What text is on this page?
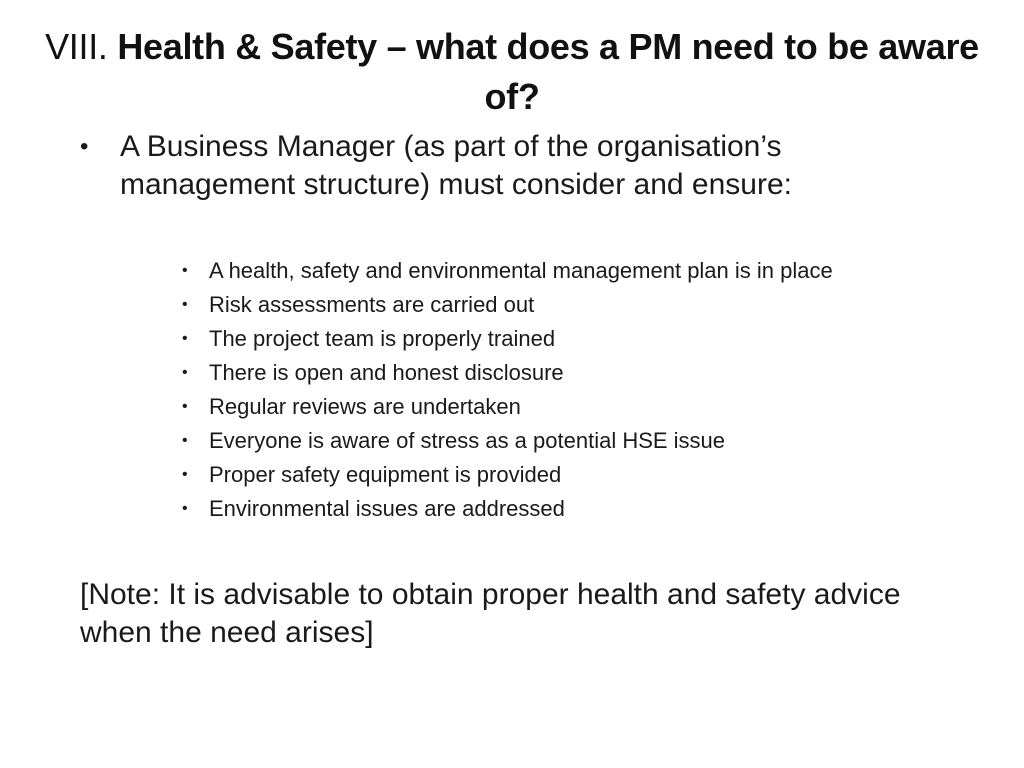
VIII. Health & Safety – what does a PM need to be aware of?
•	A Business Manager (as part of the organisation’s management structure) must consider and ensure:
• A health, safety and environmental management plan is in place
• Risk assessments are carried out
• The project team is properly trained
• There is open and honest disclosure
• Regular reviews are undertaken
• Everyone is aware of stress as a potential HSE issue
• Proper safety equipment is provided
• Environmental issues are addressed
[Note: It is advisable to obtain proper health and safety advice when the need arises]
